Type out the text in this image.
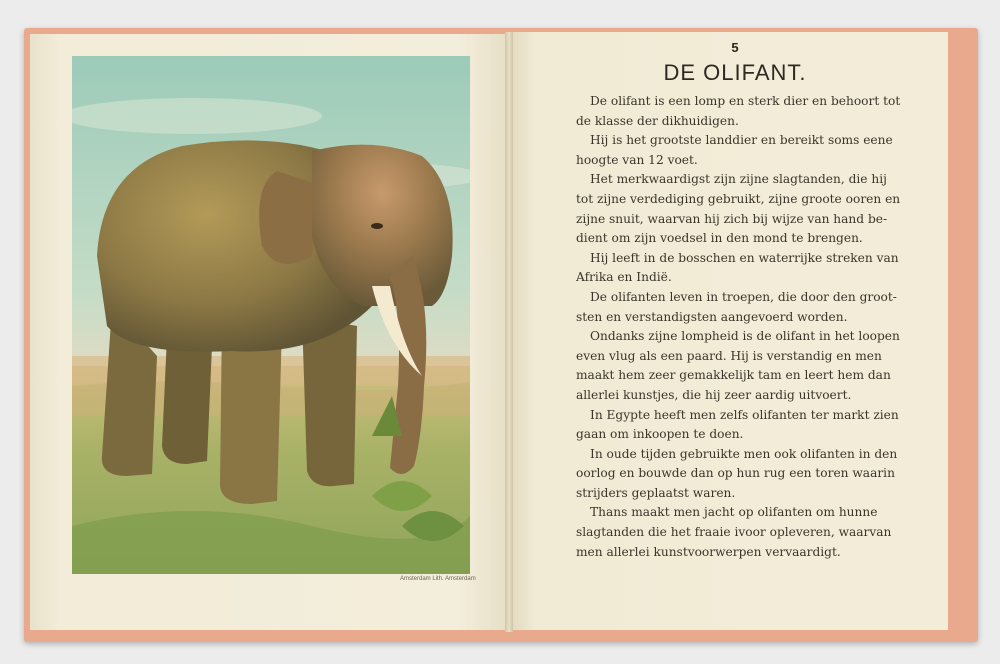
Amsterdam Lith. Amsterdam
5
DE OLIFANT.
De olifant is een lomp en sterk dier en behoort tot
de klasse der dikhuidigen.
Hij is het grootste landdier en bereikt soms eene
hoogte van 12 voet.
Het merkwaardigst zijn zijne slagtanden, die hij
tot zijne verdediging gebruikt, zijne groote ooren en
zijne snuit, waarvan hij zich bij wijze van hand be-
dient om zijn voedsel in den mond te brengen.
Hij leeft in de bosschen en waterrijke streken van
Afrika en Indië.
De olifanten leven in troepen, die door den groot-
sten en verstandigsten aangevoerd worden.
Ondanks zijne lompheid is de olifant in het loopen
even vlug als een paard. Hij is verstandig en men
maakt hem zeer gemakkelijk tam en leert hem dan
allerlei kunstjes, die hij zeer aardig uitvoert.
In Egypte heeft men zelfs olifanten ter markt zien
gaan om inkoopen te doen.
In oude tijden gebruikte men ook olifanten in den
oorlog en bouwde dan op hun rug een toren waarin
strijders geplaatst waren.
Thans maakt men jacht op olifanten om hunne
slagtanden die het fraaie ivoor opleveren, waarvan
men allerlei kunstvoorwerpen vervaardigt.
